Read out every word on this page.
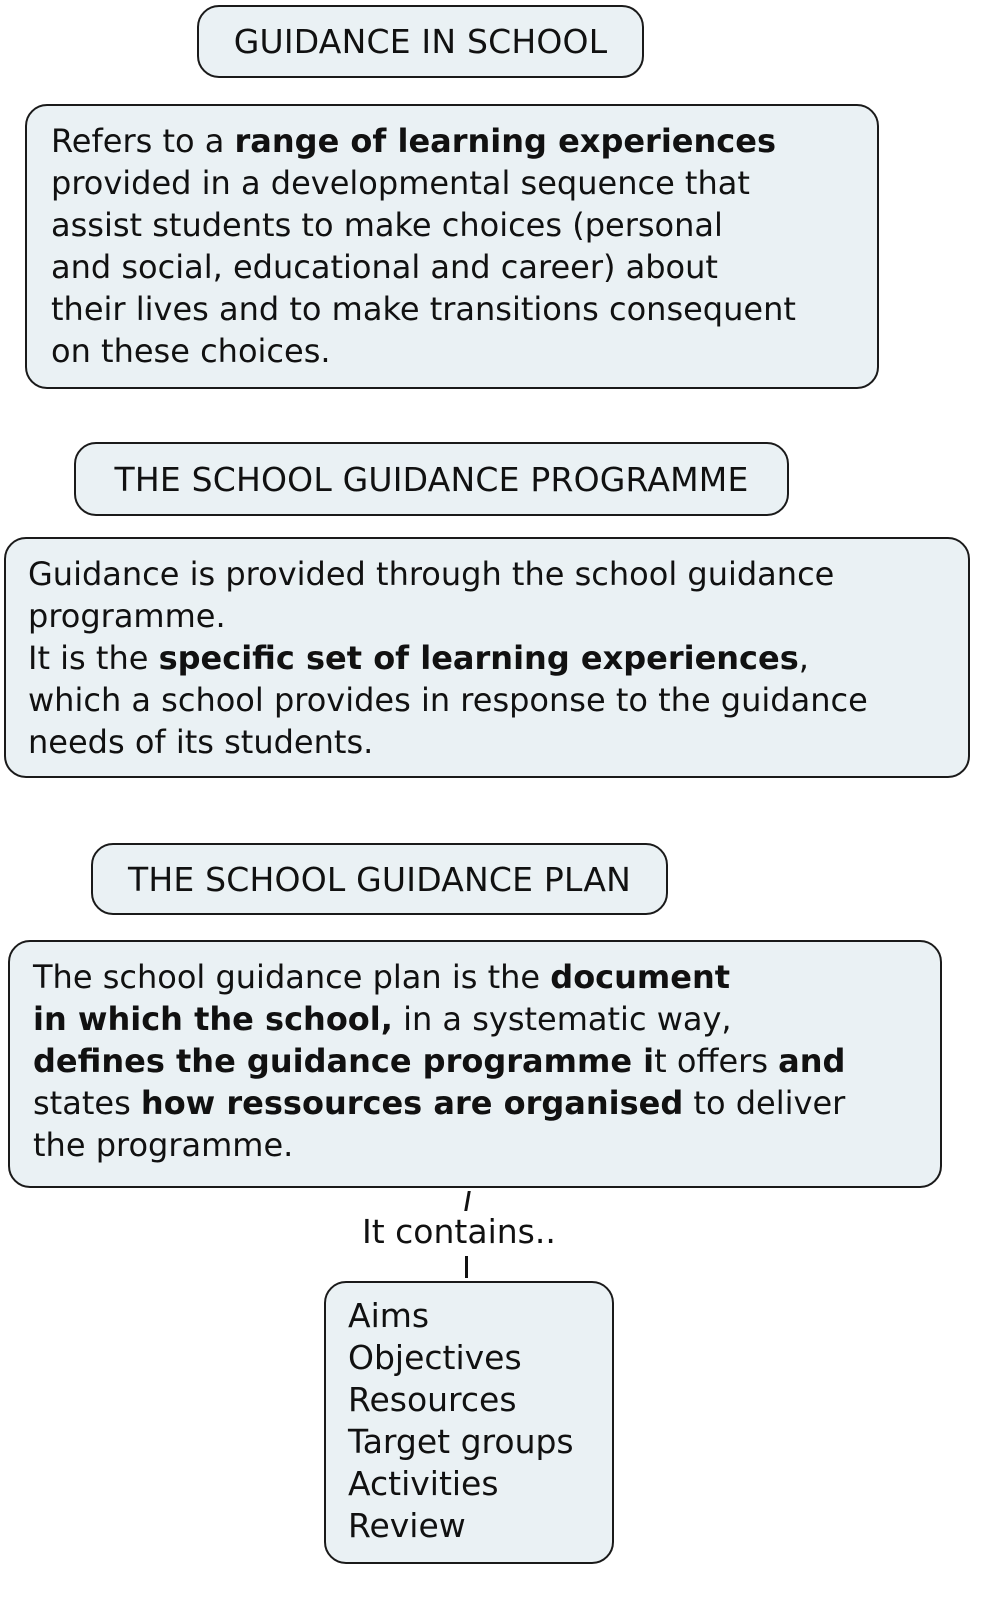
GUIDANCE IN SCHOOL
Refers to a range of learning experiences
provided in a developmental sequence that
assist students to make choices (personal
and social, educational and career) about
their lives and to make transitions consequent
on these choices.
THE SCHOOL GUIDANCE PROGRAMME
Guidance is provided through the school guidance
programme.
It is the specific set of learning experiences,
which a school provides in response to the guidance
needs of its students.
THE SCHOOL GUIDANCE PLAN
The school guidance plan is the document
in which the school, in a systematic way,
defines the guidance programme it offers and
states how ressources are organised to deliver
the programme.
It contains..
Aims
Objectives
Resources
Target groups
Activities
Review
